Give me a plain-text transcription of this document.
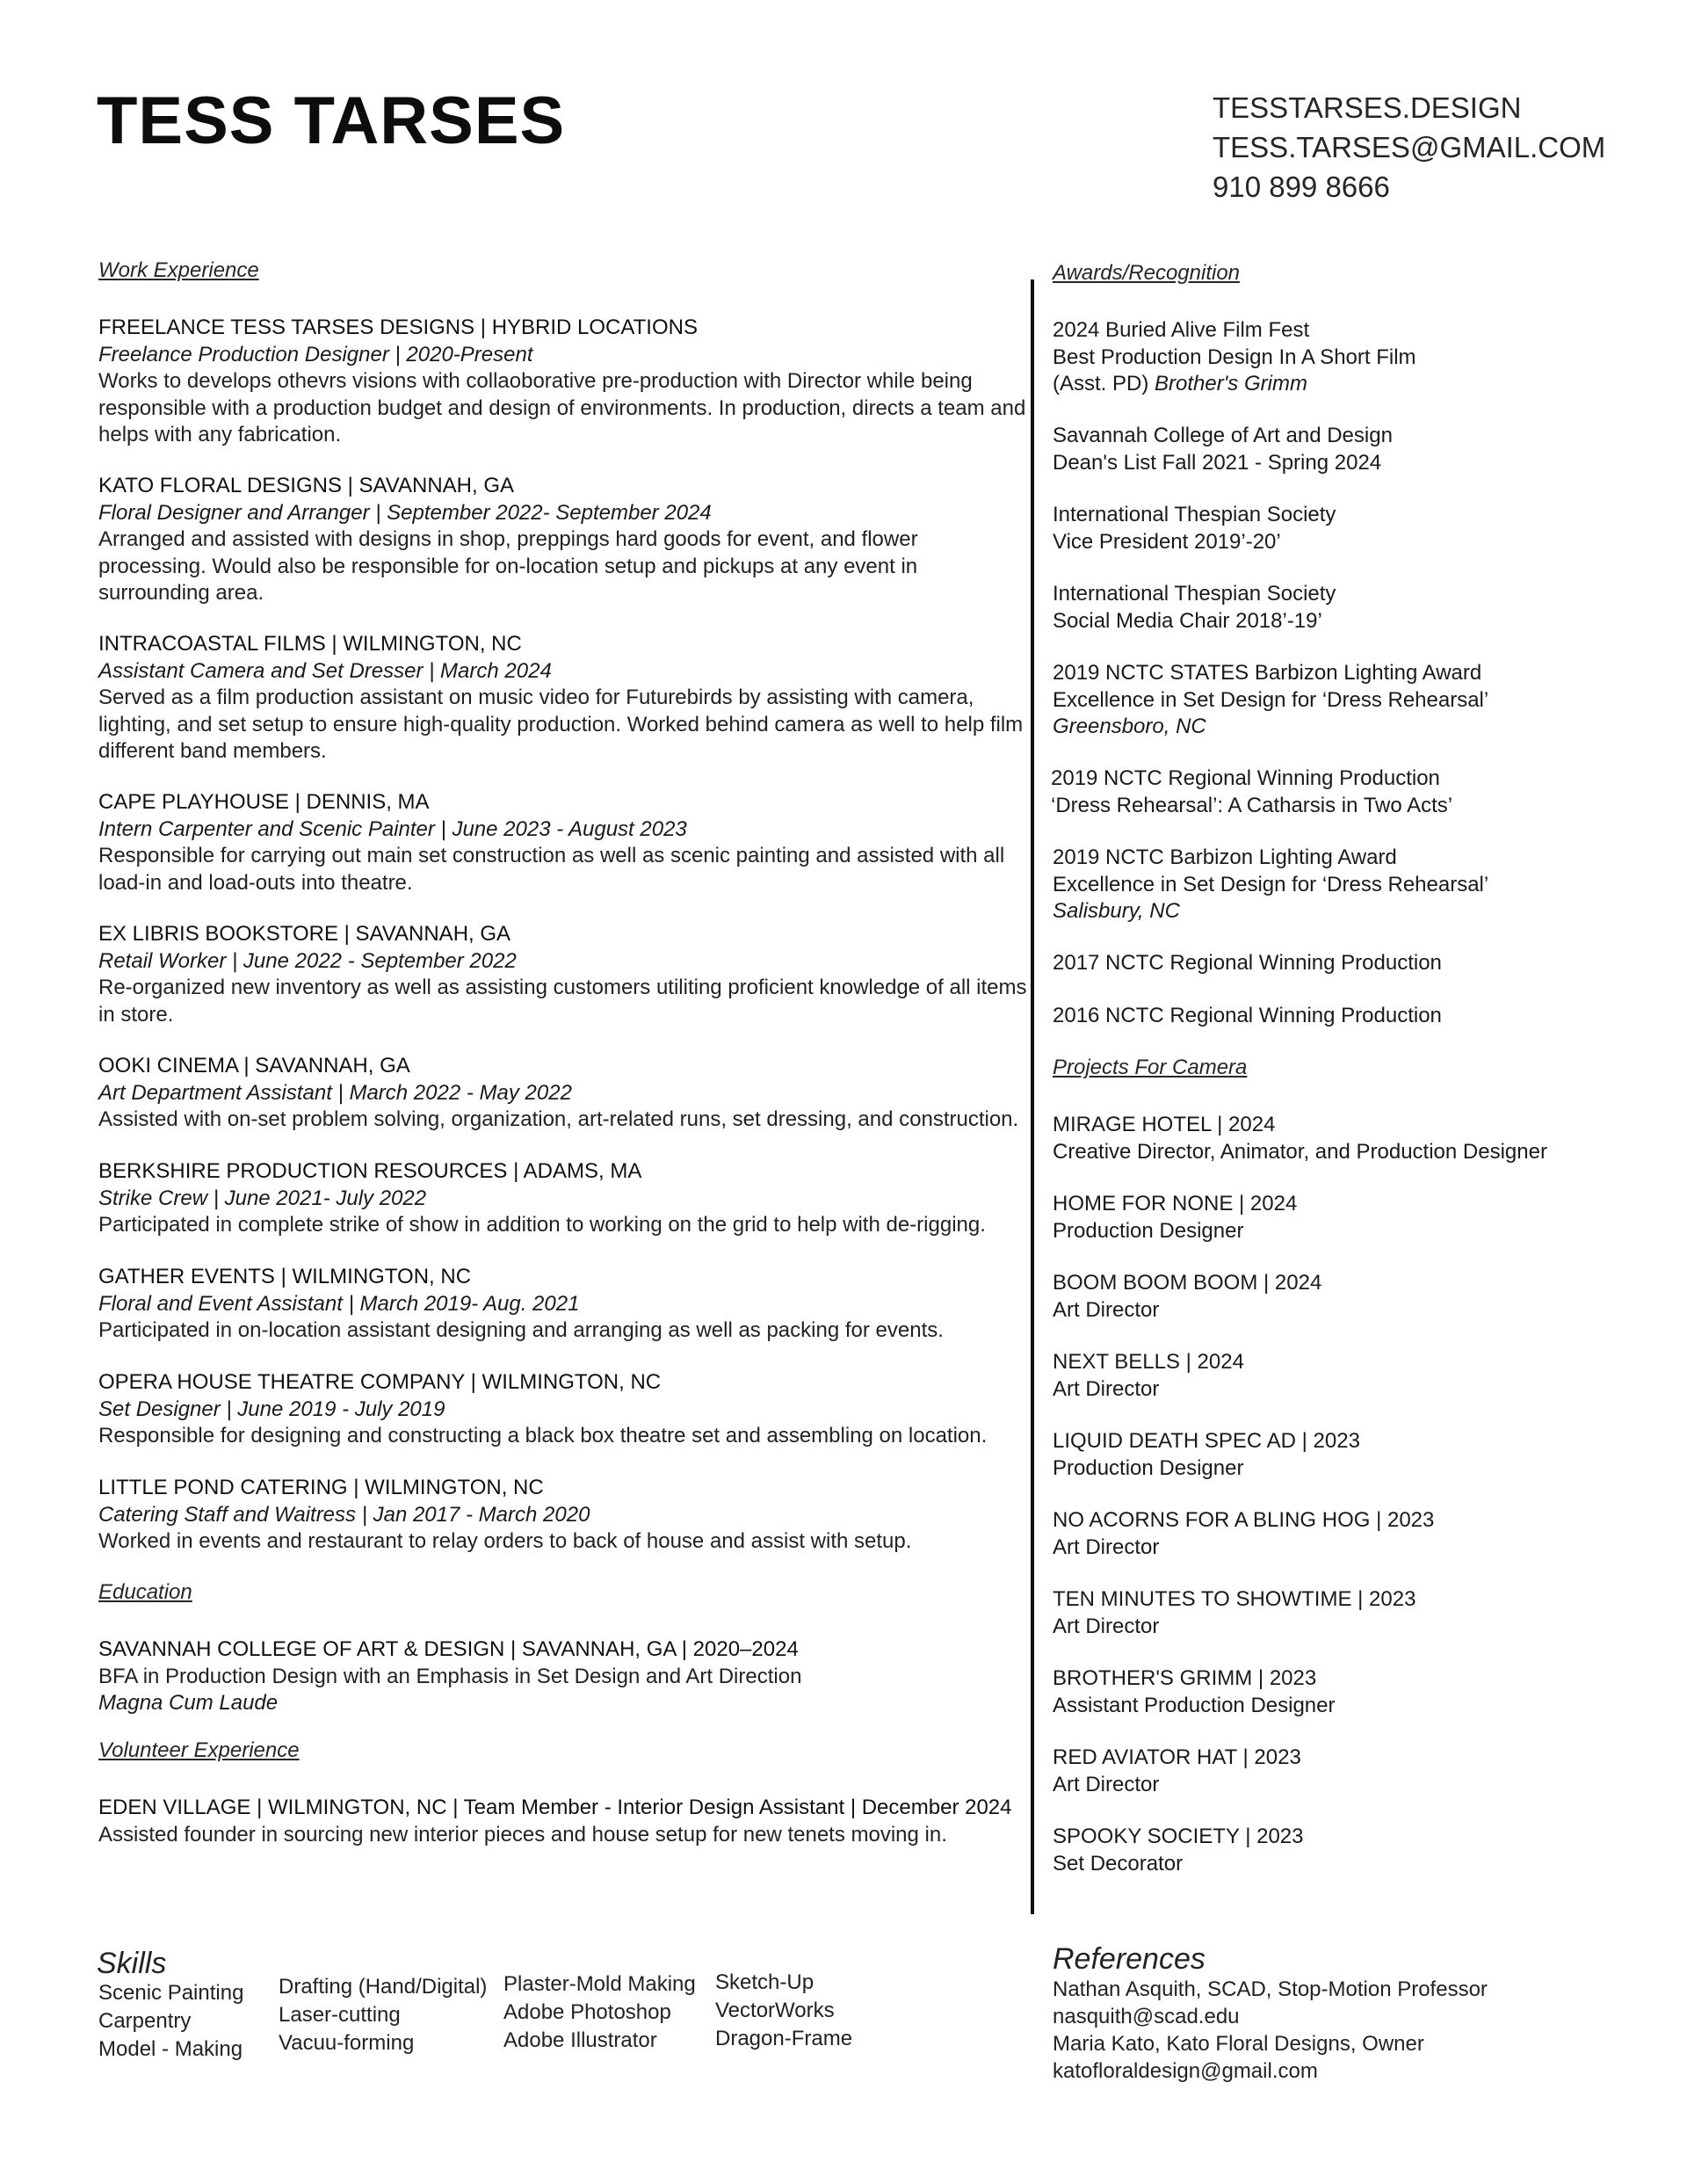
TESS TARSES	TESSTARSES.DESIGN
TESS.TARSES@GMAIL.COM
910 899 8666
Work Experience
FREELANCE TESS TARSES DESIGNS | HYBRID LOCATIONS
Freelance Production Designer | 2020-Present
Works to develops othevrs visions with collaoborative pre-production with Director while being responsible with a production budget and design of environments. In production, directs a team and helps with any fabrication.
KATO FLORAL DESIGNS | SAVANNAH, GA
Floral Designer and Arranger | September 2022- September 2024
Arranged and assisted with designs in shop, preppings hard goods for event, and flower processing. Would also be responsible for on-location setup and pickups at any event in surrounding area.
INTRACOASTAL FILMS | WILMINGTON, NC
Assistant Camera and Set Dresser | March 2024
Served as a film production assistant on music video for Futurebirds by assisting with camera, lighting, and set setup to ensure high-quality production. Worked behind camera as well to help film different band members.
CAPE PLAYHOUSE | DENNIS, MA
Intern Carpenter and Scenic Painter | June 2023 - August 2023
Responsible for carrying out main set construction as well as scenic painting and assisted with all load-in and load-outs into theatre.
EX LIBRIS BOOKSTORE | SAVANNAH, GA
Retail Worker | June 2022 - September 2022
Re-organized new inventory as well as assisting customers utiliting proficient knowledge of all items in store.
OOKI CINEMA | SAVANNAH, GA
Art Department Assistant | March 2022 - May 2022
Assisted with on-set problem solving, organization, art-related runs, set dressing, and construction.
BERKSHIRE PRODUCTION RESOURCES | ADAMS, MA
Strike Crew | June 2021- July 2022
Participated in complete strike of show in addition to working on the grid to help with de-rigging.
GATHER EVENTS | WILMINGTON, NC
Floral and Event Assistant | March 2019- Aug. 2021
Participated in on-location assistant designing and arranging as well as packing for events.
OPERA HOUSE THEATRE COMPANY | WILMINGTON, NC
Set Designer | June 2019 - July 2019
Responsible for designing and constructing a black box theatre set and assembling on location.
LITTLE POND CATERING | WILMINGTON, NC
Catering Staff and Waitress | Jan 2017 - March 2020
Worked in events and restaurant to relay orders to back of house and assist with setup.
Education
SAVANNAH COLLEGE OF ART & DESIGN | SAVANNAH, GA | 2020–2024
BFA in Production Design with an Emphasis in Set Design and Art Direction
Magna Cum Laude
Volunteer Experience
EDEN VILLAGE | WILMINGTON, NC | Team Member - Interior Design Assistant | December 2024
Assisted founder in sourcing new interior pieces and house setup for new tenets moving in.
Awards/Recognition
2024 Buried Alive Film Fest
Best Production Design In A Short Film
(Asst. PD) Brother's Grimm
Savannah College of Art and Design
Dean's List Fall 2021 - Spring 2024
International Thespian Society
Vice President 2019’-20’
International Thespian Society
Social Media Chair 2018’-19’
2019 NCTC STATES Barbizon Lighting Award
Excellence in Set Design for ‘Dress Rehearsal’
Greensboro, NC
2019 NCTC Regional Winning Production
‘Dress Rehearsal’: A Catharsis in Two Acts’
2019 NCTC Barbizon Lighting Award
Excellence in Set Design for ‘Dress Rehearsal’
Salisbury, NC
2017 NCTC Regional Winning Production
2016 NCTC Regional Winning Production
Projects For Camera
MIRAGE HOTEL | 2024
Creative Director, Animator, and Production Designer
HOME FOR NONE | 2024
Production Designer
BOOM BOOM BOOM | 2024
Art Director
NEXT BELLS | 2024
Art Director
LIQUID DEATH SPEC AD | 2023
Production Designer
NO ACORNS FOR A BLING HOG | 2023
Art Director
TEN MINUTES TO SHOWTIME | 2023
Art Director
BROTHER'S GRIMM | 2023
Assistant Production Designer
RED AVIATOR HAT | 2023
Art Director
SPOOKY SOCIETY | 2023
Set Decorator
Skills
Scenic Painting
Carpentry
Model - Making
Drafting (Hand/Digital)
Laser-cutting
Vacuu-forming
Plaster-Mold Making
Adobe Photoshop
Adobe Illustrator
Sketch-Up
VectorWorks
Dragon-Frame
References
Nathan Asquith, SCAD, Stop-Motion Professor
nasquith@scad.edu
Maria Kato, Kato Floral Designs, Owner
katofloraldesign@gmail.com
